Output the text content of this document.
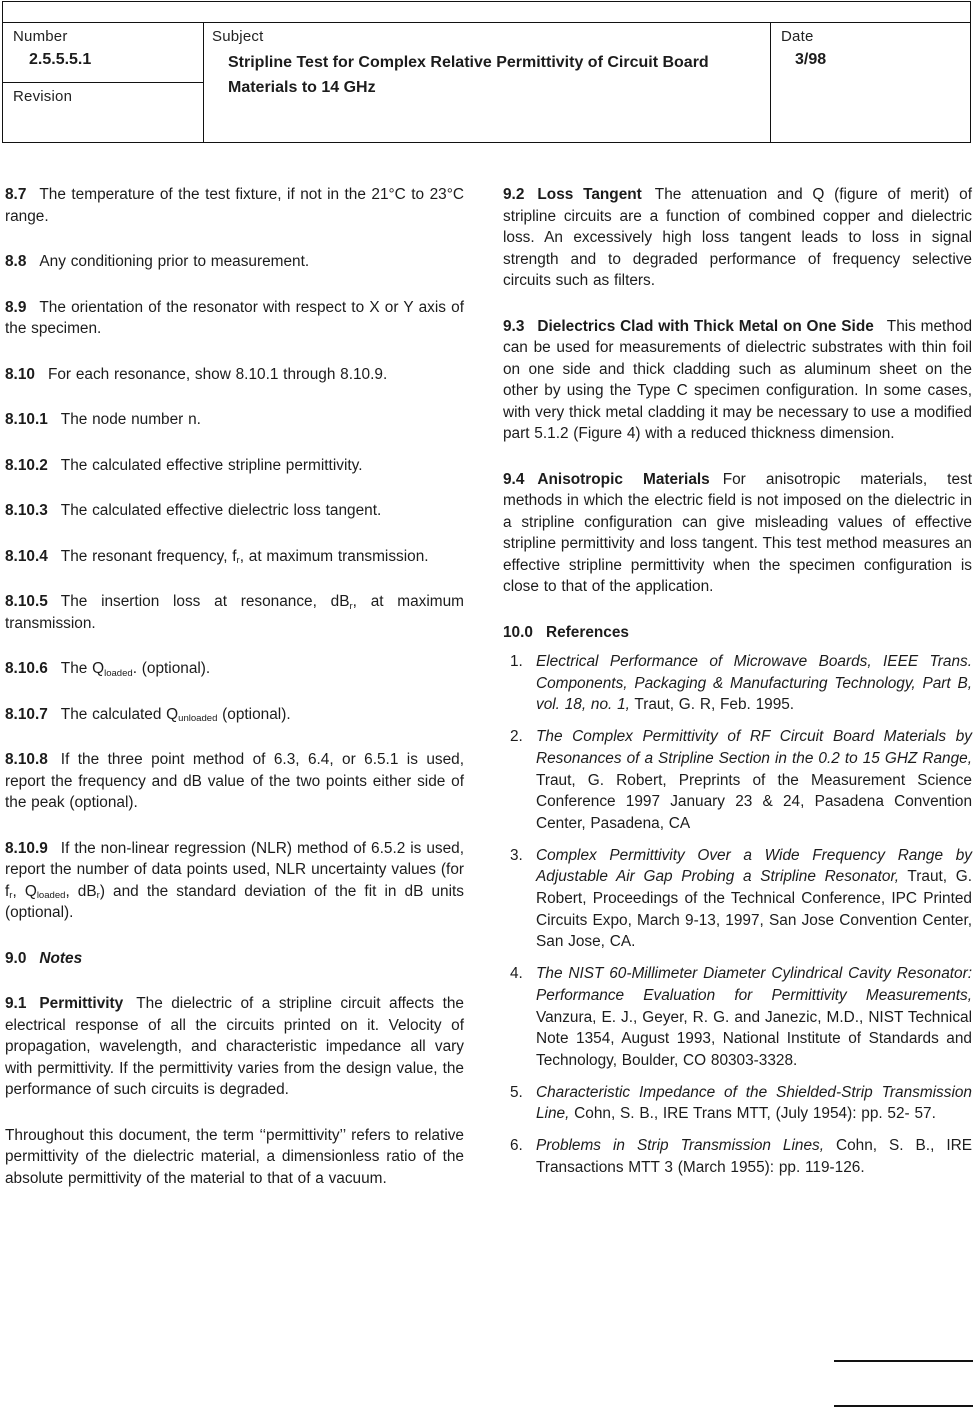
Number
2.5.5.5.1
Revision
Subject
Stripline Test for Complex Relative Permittivity of Circuit Board Materials to 14 GHz
Date
3/98

8.7 The temperature of the test fixture, if not in the 21°C to 23°C range.

8.8 Any conditioning prior to measurement.

8.9 The orientation of the resonator with respect to X or Y axis of the specimen.

8.10 For each resonance, show 8.10.1 through 8.10.9.

8.10.1 The node number n.

8.10.2 The calculated effective stripline permittivity.

8.10.3 The calculated effective dielectric loss tangent.

8.10.4 The resonant frequency, $f_r$, at maximum transmission.

8.10.5 The insertion loss at resonance, $dB_r$, at maximum transmission.

8.10.6 The $Q_{loaded}$. (optional).

8.10.7 The calculated $Q_{unloaded}$ (optional).

8.10.8 If the three point method of 6.3, 6.4, or 6.5.1 is used, report the frequency and dB value of the two points either side of the peak (optional).

8.10.9 If the non-linear regression (NLR) method of 6.5.2 is used, report the number of data points used, NLR uncertainty values (for $f_r$, $Q_{loaded}$, $dB_r$) and the standard deviation of the fit in dB units (optional).

9.0 Notes

9.1 Permittivity The dielectric of a stripline circuit affects the electrical response of all the circuits printed on it. Velocity of propagation, wavelength, and characteristic impedance all vary with permittivity. If the permittivity varies from the design value, the performance of such circuits is degraded.

Throughout this document, the term ‘‘permittivity’’ refers to relative permittivity of the dielectric material, a dimensionless ratio of the absolute permittivity of the material to that of a vacuum.

9.2 Loss Tangent The attenuation and Q (figure of merit) of stripline circuits are a function of combined copper and dielectric loss. An excessively high loss tangent leads to loss in signal strength and to degraded performance of frequency selective circuits such as filters.

9.3 Dielectrics Clad with Thick Metal on One Side This method can be used for measurements of dielectric substrates with thin foil on one side and thick cladding such as aluminum sheet on the other by using the Type C specimen configuration. In some cases, with very thick metal cladding it may be necessary to use a modified part 5.1.2 (Figure 4) with a reduced thickness dimension.

9.4 Anisotropic Materials For anisotropic materials, test methods in which the electric field is not imposed on the dielectric in a stripline configuration can give misleading values of effective stripline permittivity and loss tangent. This test method measures an effective stripline permittivity when the specimen configuration is close to that of the application.

10.0 References

1. Electrical Performance of Microwave Boards, IEEE Trans. Components, Packaging & Manufacturing Technology, Part B, vol. 18, no. 1, Traut, G. R, Feb. 1995.
2. The Complex Permittivity of RF Circuit Board Materials by Resonances of a Stripline Section in the 0.2 to 15 GHZ Range, Traut, G. Robert, Preprints of the Measurement Science Conference 1997 January 23 & 24, Pasadena Convention Center, Pasadena, CA
3. Complex Permittivity Over a Wide Frequency Range by Adjustable Air Gap Probing a Stripline Resonator, Traut, G. Robert, Proceedings of the Technical Conference, IPC Printed Circuits Expo, March 9-13, 1997, San Jose Convention Center, San Jose, CA.
4. The NIST 60-Millimeter Diameter Cylindrical Cavity Resonator: Performance Evaluation for Permittivity Measurements, Vanzura, E. J., Geyer, R. G. and Janezic, M.D., NIST Technical Note 1354, August 1993, National Institute of Standards and Technology, Boulder, CO 80303-3328.
5. Characteristic Impedance of the Shielded-Strip Transmission Line, Cohn, S. B., IRE Trans MTT, (July 1954): pp. 52- 57.
6. Problems in Strip Transmission Lines, Cohn, S. B., IRE Transactions MTT 3 (March 1955): pp. 119-126.
